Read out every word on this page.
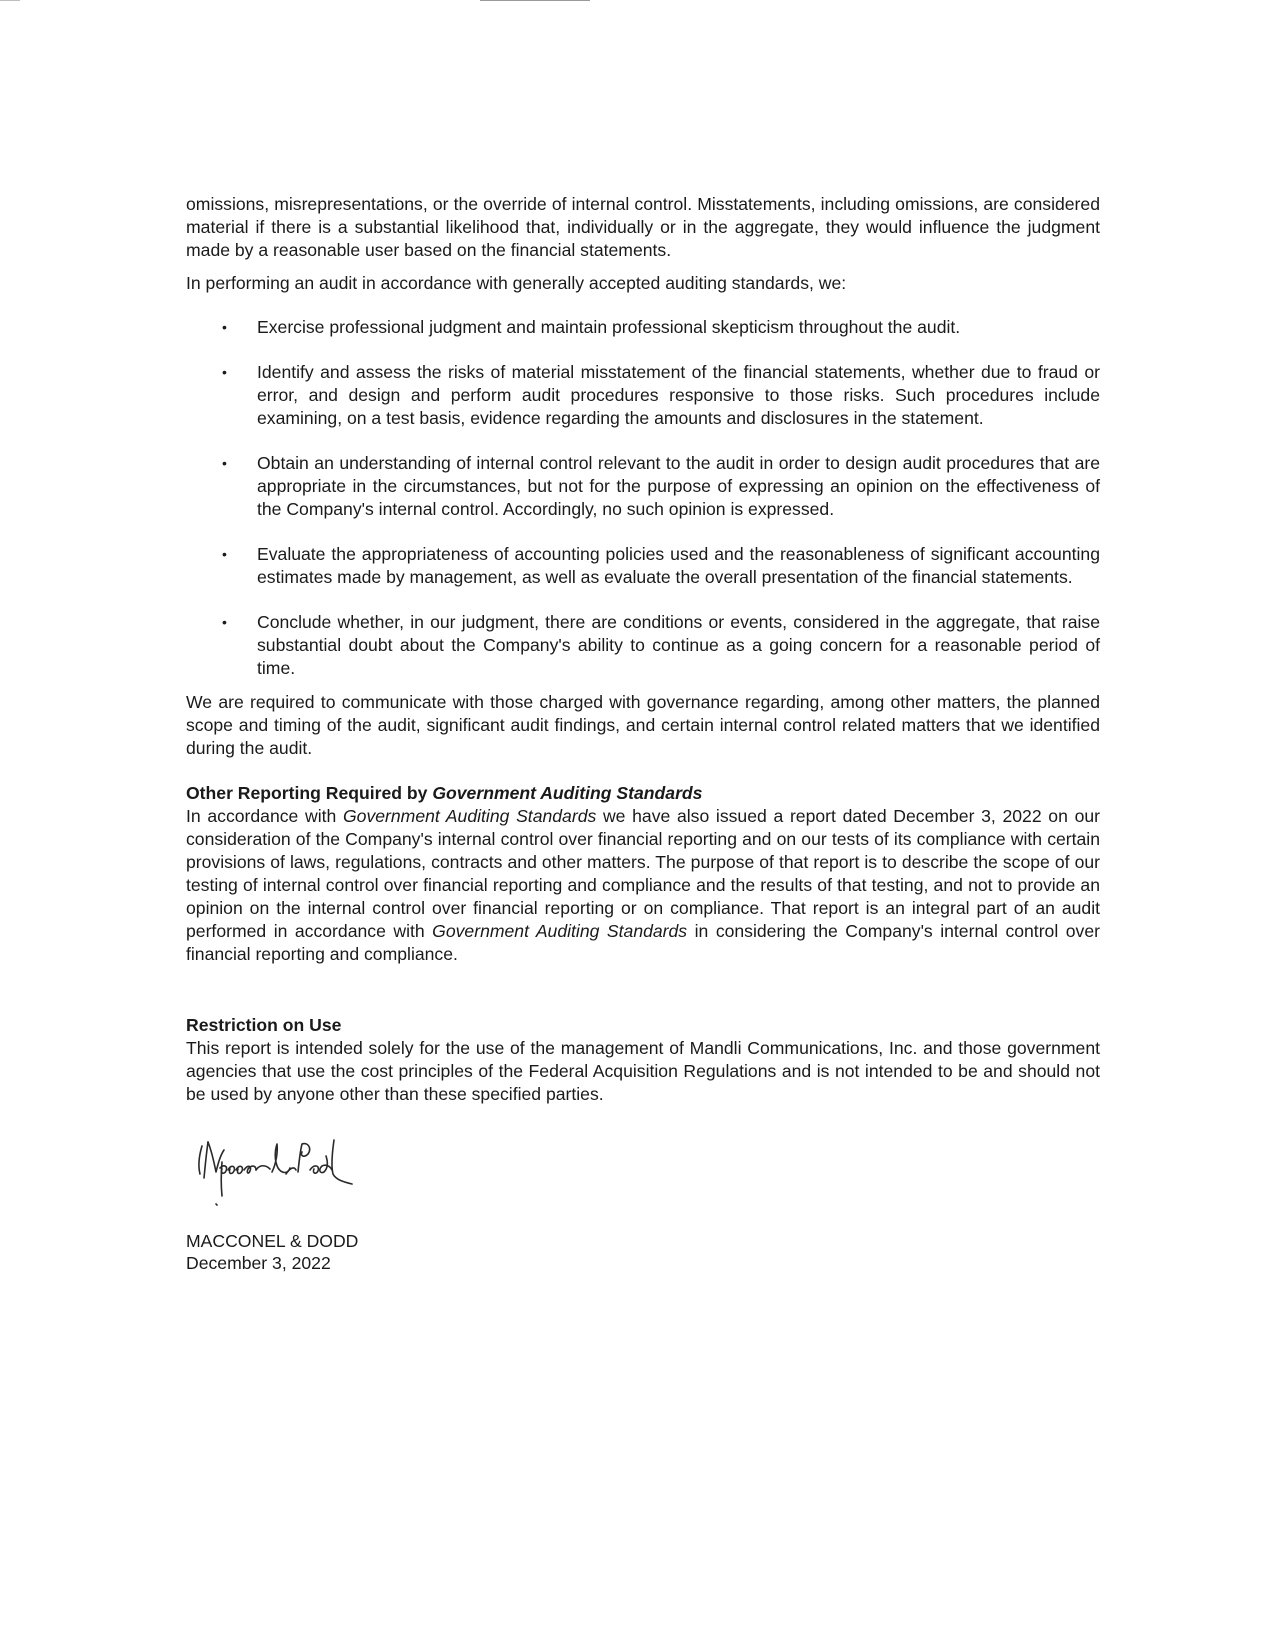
omissions, misrepresentations, or the override of internal control. Misstatements, including omissions, are considered material if there is a substantial likelihood that, individually or in the aggregate, they would influence the judgment made by a reasonable user based on the financial statements.

In performing an audit in accordance with generally accepted auditing standards, we:

• Exercise professional judgment and maintain professional skepticism throughout the audit.
• Identify and assess the risks of material misstatement of the financial statements, whether due to fraud or error, and design and perform audit procedures responsive to those risks. Such procedures include examining, on a test basis, evidence regarding the amounts and disclosures in the statement.
• Obtain an understanding of internal control relevant to the audit in order to design audit procedures that are appropriate in the circumstances, but not for the purpose of expressing an opinion on the effectiveness of the Company's internal control. Accordingly, no such opinion is expressed.
• Evaluate the appropriateness of accounting policies used and the reasonableness of significant accounting estimates made by management, as well as evaluate the overall presentation of the financial statements.
• Conclude whether, in our judgment, there are conditions or events, considered in the aggregate, that raise substantial doubt about the Company's ability to continue as a going concern for a reasonable period of time.

We are required to communicate with those charged with governance regarding, among other matters, the planned scope and timing of the audit, significant audit findings, and certain internal control related matters that we identified during the audit.

Other Reporting Required by Government Auditing Standards

In accordance with Government Auditing Standards we have also issued a report dated December 3, 2022 on our consideration of the Company's internal control over financial reporting and on our tests of its compliance with certain provisions of laws, regulations, contracts and other matters. The purpose of that report is to describe the scope of our testing of internal control over financial reporting and compliance and the results of that testing, and not to provide an opinion on the internal control over financial reporting or on compliance. That report is an integral part of an audit performed in accordance with Government Auditing Standards in considering the Company's internal control over financial reporting and compliance.

Restriction on Use

This report is intended solely for the use of the management of Mandli Communications, Inc. and those government agencies that use the cost principles of the Federal Acquisition Regulations and is not intended to be and should not be used by anyone other than these specified parties.

MACCONEL & DODD
December 3, 2022
